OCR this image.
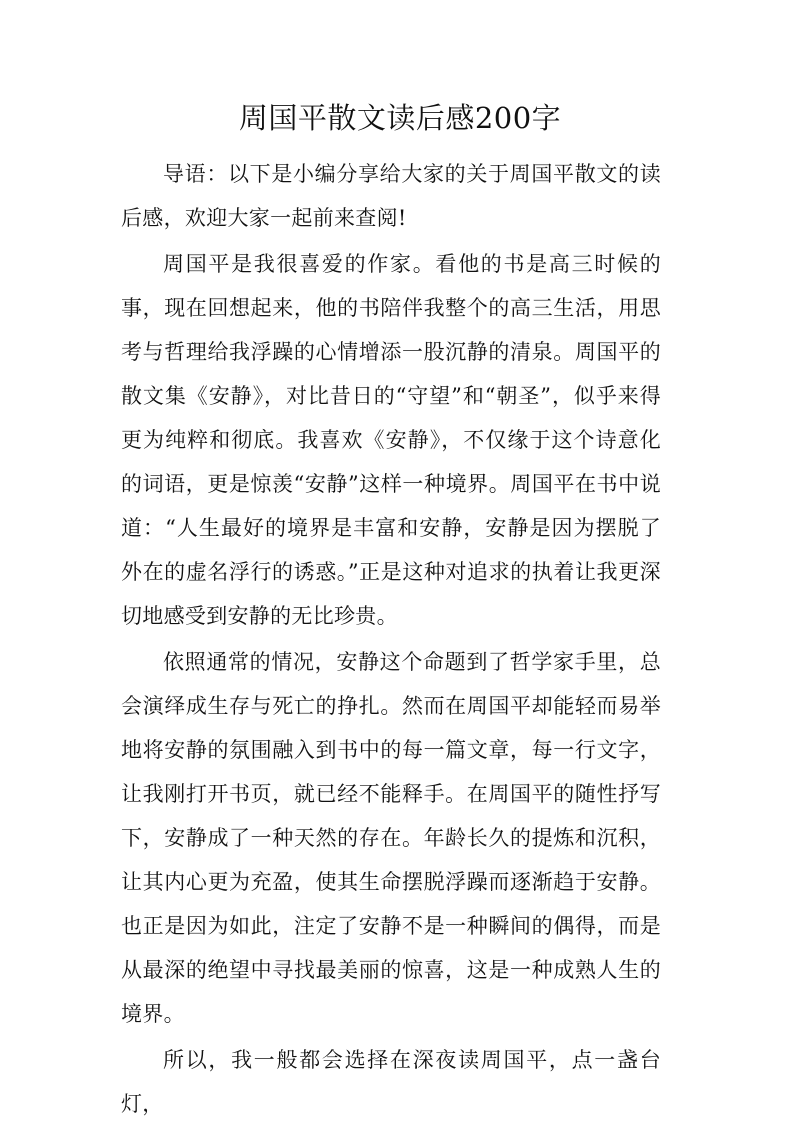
周国平散文读后感200字

导语：以下是小编分享给大家的关于周国平散文的读后感，欢迎大家一起前来查阅!

周国平是我很喜爱的作家。看他的书是高三时候的事，现在回想起来，他的书陪伴我整个的高三生活，用思考与哲理给我浮躁的心情增添一股沉静的清泉。周国平的散文集《安静》，对比昔日的“守望”和“朝圣”，似乎来得更为纯粹和彻底。我喜欢《安静》，不仅缘于这个诗意化的词语，更是惊羡“安静”这样一种境界。周国平在书中说道：“人生最好的境界是丰富和安静，安静是因为摆脱了外在的虚名浮行的诱惑。”正是这种对追求的执着让我更深切地感受到安静的无比珍贵。

依照通常的情况，安静这个命题到了哲学家手里，总会演绎成生存与死亡的挣扎。然而在周国平却能轻而易举地将安静的氛围融入到书中的每一篇文章，每一行文字，让我刚打开书页，就已经不能释手。在周国平的随性抒写下，安静成了一种天然的存在。年龄长久的提炼和沉积，让其内心更为充盈，使其生命摆脱浮躁而逐渐趋于安静。也正是因为如此，注定了安静不是一种瞬间的偶得，而是从最深的绝望中寻找最美丽的惊喜，这是一种成熟人生的境界。

所以，我一般都会选择在深夜读周国平，点一盏台灯，
